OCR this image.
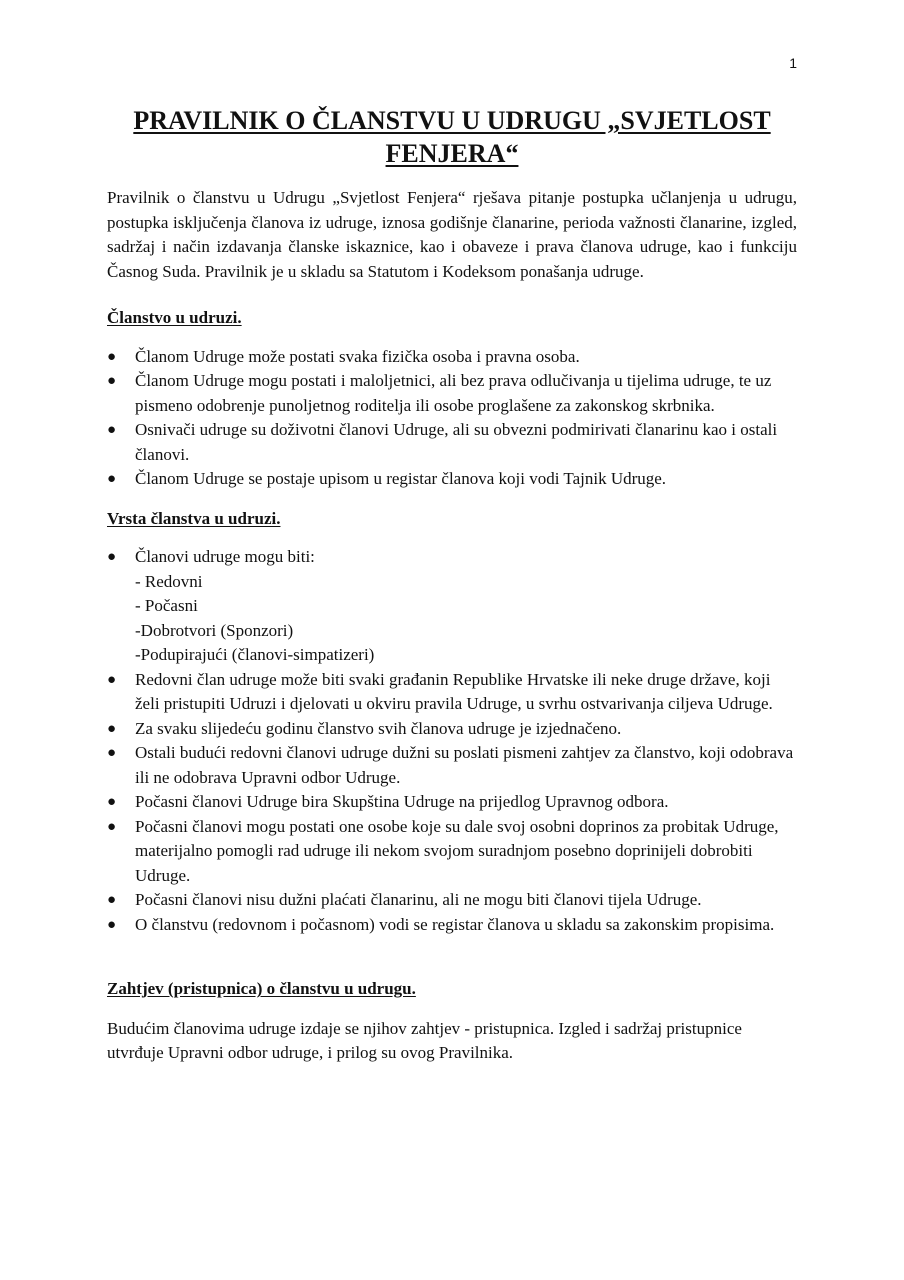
1
PRAVILNIK O ČLANSTVU U UDRUGU „SVJETLOST FENJERA“

Pravilnik o članstvu u Udrugu „Svjetlost Fenjera“ rješava pitanje postupka učlanjenja u udrugu, postupka isključenja članova iz udruge, iznosa godišnje članarine, perioda važnosti članarine, izgled, sadržaj i način izdavanja članske iskaznice, kao i obaveze i prava članova udruge, kao i funkciju Časnog Suda. Pravilnik je u skladu sa Statutom i Kodeksom ponašanja udruge.

Članstvo u udruzi.
●	Članom Udruge može postati svaka fizička osoba i pravna osoba.
●	Članom Udruge mogu postati i maloljetnici, ali bez prava odlučivanja u tijelima udruge, te uz pismeno odobrenje punoljetnog roditelja ili osobe proglašene za zakonskog skrbnika.
●	Osnivači udruge su doživotni članovi Udruge, ali su obvezni podmirivati članarinu kao i ostali članovi.
●	Članom Udruge se postaje upisom u registar članova koji vodi Tajnik Udruge.
Vrsta članstva u udruzi.
●	Članovi udruge mogu biti:
- Redovni
- Počasni
-Dobrotvori (Sponzori)
-Podupirajući (članovi-simpatizeri)
●	Redovni član udruge može biti svaki građanin Republike Hrvatske ili neke druge države, koji želi pristupiti Udruzi i djelovati u okviru pravila Udruge, u svrhu ostvarivanja ciljeva Udruge.
●	Za svaku slijedeću godinu članstvo svih članova udruge je izjednačeno.
●	Ostali budući redovni članovi udruge dužni su poslati pismeni zahtjev za članstvo, koji odobrava ili ne odobrava Upravni odbor Udruge.
●	Počasni članovi Udruge bira Skupština Udruge na prijedlog Upravnog odbora.
●	Počasni članovi mogu postati one osobe koje su dale svoj osobni doprinos za probitak Udruge, materijalno pomogli rad udruge ili nekom svojom suradnjom posebno doprinijeli dobrobiti Udruge.
●	Počasni članovi nisu dužni plaćati članarinu, ali ne mogu biti članovi tijela Udruge.
●	O članstvu (redovnom i počasnom) vodi se registar članova u skladu sa zakonskim propisima.
Zahtjev (pristupnica) o članstvu u udrugu.

Budućim članovima udruge izdaje se njihov zahtjev - pristupnica. Izgled i sadržaj pristupnice utvrđuje Upravni odbor udruge, i prilog su ovog Pravilnika.
